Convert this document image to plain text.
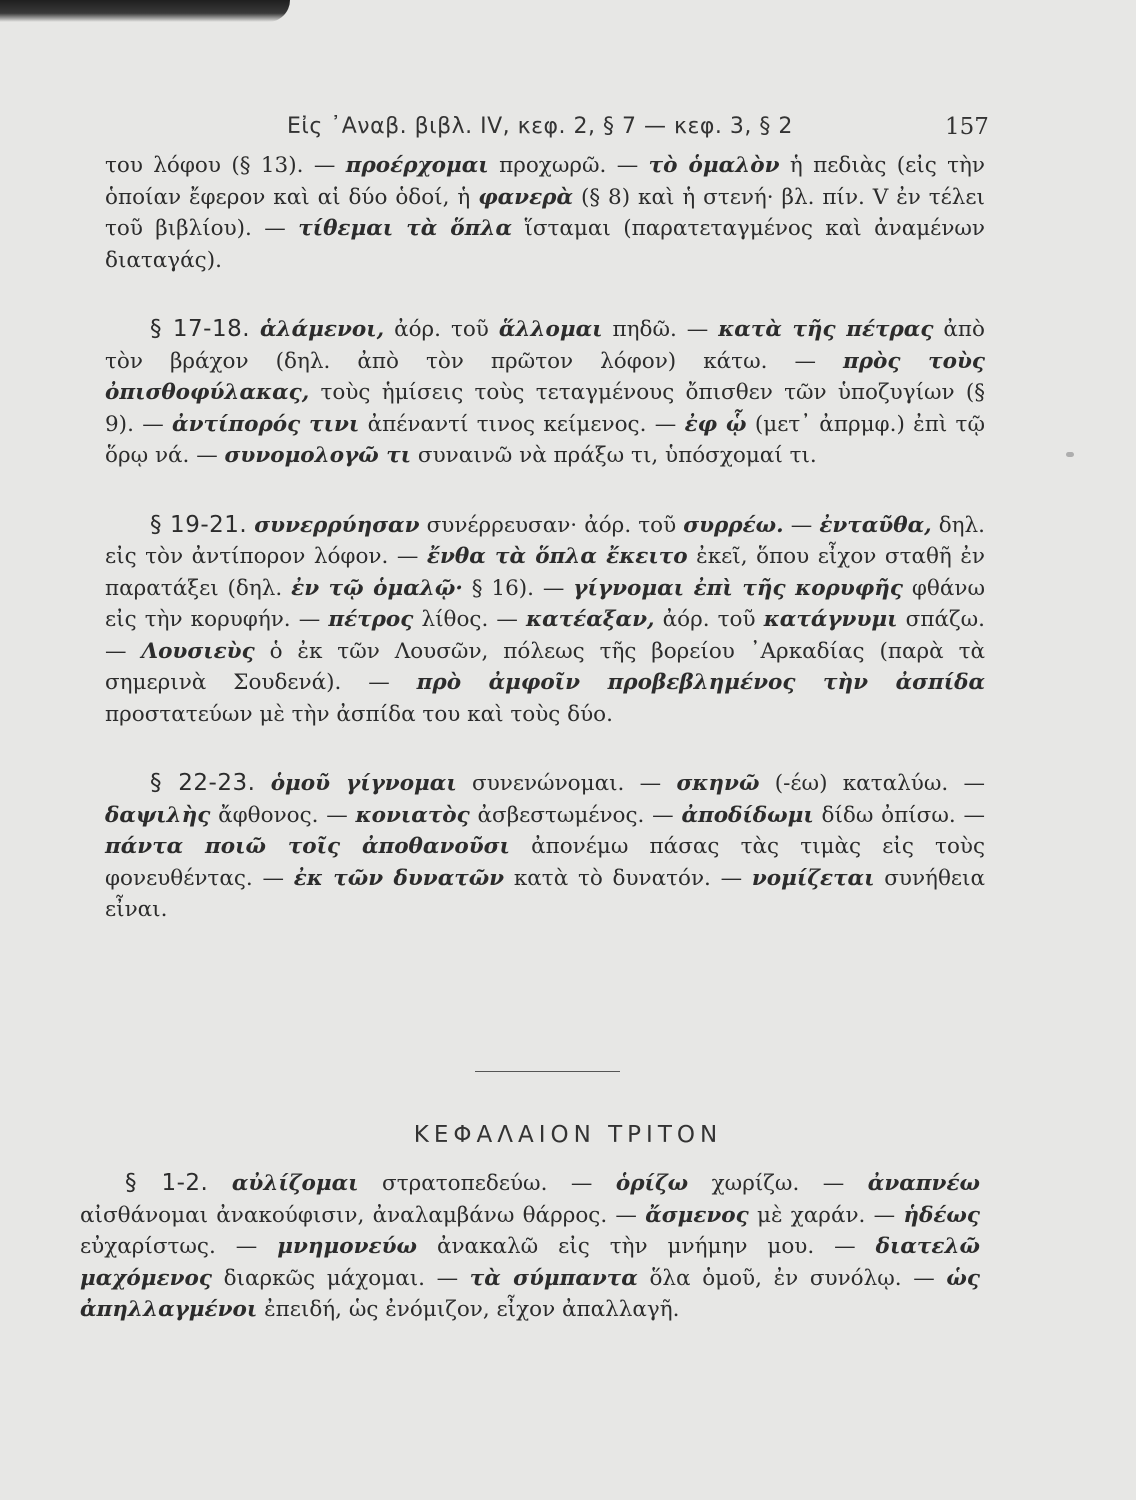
Εἰς ᾿Αναβ. βιβλ. IV, κεφ. 2, § 7 — κεφ. 3, § 2	157

του λόφου (§ 13). — προέρχομαι προχωρῶ. — τὸ ὁμαλὸν ἡ πεδιὰς (εἰς τὴν ὁποίαν ἔφερον καὶ αἱ δύο ὁδοί, ἡ φανερὰ (§ 8) καὶ ἡ στενή· βλ. πίν. V ἐν τέλει τοῦ βιβλίου). — τίθεμαι τὰ ὅπλα ἵσταμαι (παρατεταγμένος καὶ ἀναμένων διαταγάς).

§ 17-18. ἁλάμενοι, ἀόρ. τοῦ ἅλλομαι πηδῶ. — κατὰ τῆς πέτρας ἀπὸ τὸν βράχον (δηλ. ἀπὸ τὸν πρῶτον λόφον) κάτω. — πρὸς τοὺς ὀπισθοφύλακας, τοὺς ἡμίσεις τοὺς τεταγμένους ὄπισθεν τῶν ὑποζυγίων (§ 9). — ἀντίπορός τινι ἀπέναντί τινος κείμενος. — ἐφ ᾧ (μετ᾿ ἀπρμφ.) ἐπὶ τῷ ὅρῳ νά. — συνομολογῶ τι συναινῶ νὰ πράξω τι, ὑπόσχομαί τι.

§ 19-21. συνερρύησαν συνέρρευσαν· ἀόρ. τοῦ συρρέω. — ἐνταῦθα, δηλ. εἰς τὸν ἀντίπορον λόφον. — ἔνθα τὰ ὅπλα ἔκειτο ἐκεῖ, ὅπου εἶχον σταθῆ ἐν παρατάξει (δηλ. ἐν τῷ ὁμαλῷ· § 16). — γίγνομαι ἐπὶ τῆς κορυφῆς φθάνω εἰς τὴν κορυφήν. — πέτρος λίθος. — κατέαξαν, ἀόρ. τοῦ κατάγνυμι σπάζω. — Λουσιεὺς ὁ ἐκ τῶν Λουσῶν, πόλεως τῆς βορείου ᾿Αρκαδίας (παρὰ τὰ σημερινὰ Σουδενά). — πρὸ ἀμφοῖν προβεβλημένος τὴν ἀσπίδα προστατεύων μὲ τὴν ἀσπίδα του καὶ τοὺς δύο.

§ 22-23. ὁμοῦ γίγνομαι συνενώνομαι. — σκηνῶ (-έω) καταλύω. — δαψιλὴς ἄφθονος. — κονιατὸς ἀσβεστωμένος. — ἀποδίδωμι δίδω ὀπίσω. — πάντα ποιῶ τοῖς ἀποθανοῦσι ἀπονέμω πάσας τὰς τιμὰς εἰς τοὺς φονευθέντας. — ἐκ τῶν δυνατῶν κατὰ τὸ δυνατόν. — νομίζεται συνήθεια εἶναι.

ΚΕΦΑΛΑΙΟΝ ΤΡΙΤΟΝ

§ 1-2. αὐλίζομαι στρατοπεδεύω. — ὁρίζω χωρίζω. — ἀναπνέω αἰσθάνομαι ἀνακούφισιν, ἀναλαμβάνω θάρρος. — ἄσμενος μὲ χαράν. — ἡδέως εὐχαρίστως. — μνημονεύω ἀνακαλῶ εἰς τὴν μνήμην μου. — διατελῶ μαχόμενος διαρκῶς μάχομαι. — τὰ σύμπαντα ὅλα ὁμοῦ, ἐν συνόλῳ. — ὡς ἀπηλλαγμένοι ἐπειδή, ὡς ἐνόμιζον, εἶχον ἀπαλλαγῆ.
